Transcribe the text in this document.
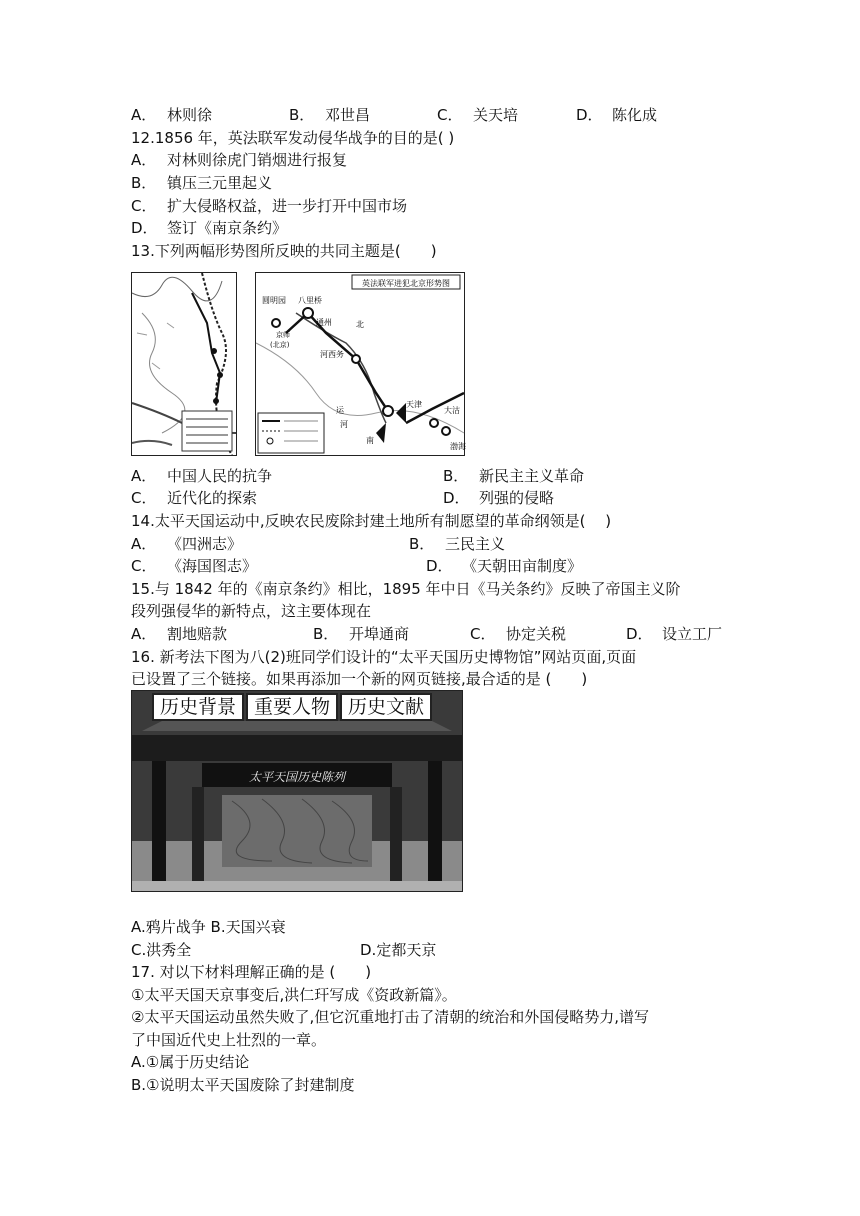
A． 林则徐	B． 邓世昌	C． 关天培	D． 陈化成
12.1856 年，英法联军发动侵华战争的目的是( )
A． 对林则徐虎门销烟进行报复
B． 镇压三元里起义
C． 扩大侵略权益，进一步打开中国市场
D． 签订《南京条约》
13.下列两幅形势图所反映的共同主题是(　　)
英法联军进犯北京形势图
圆明园 八里桥
京师
(北京)
通州
河西务
天津
大沽
渤海
北
运
河
南
A． 中国人民的抗争	B． 新民主主义革命
C． 近代化的探索	D． 列强的侵略
14.太平天国运动中,反映农民废除封建土地所有制愿望的革命纲领是(　 )
A． 《四洲志》	B． 三民主义
C． 《海国图志》	D． 《天朝田亩制度》
15.与 1842 年的《南京条约》相比，1895 年中日《马关条约》反映了帝国主义阶
段列强侵华的新特点，这主要体现在
A． 割地赔款	B． 开埠通商	C． 协定关税	D． 设立工厂
16. 新考法下图为八(2)班同学们设计的“太平天国历史博物馆”网站页面,页面
已设置了三个链接。如果再添加一个新的网页链接,最合适的是 (　　)
太平天国历史陈列
历史背景 重要人物 历史文献
A.鸦片战争 B.天国兴衰
C.洪秀全	D.定都天京
17. 对以下材料理解正确的是 (　　)
①太平天国天京事变后,洪仁玕写成《资政新篇》。
②太平天国运动虽然失败了,但它沉重地打击了清朝的统治和外国侵略势力,谱写
了中国近代史上壮烈的一章。
A.①属于历史结论
B.①说明太平天国废除了封建制度
